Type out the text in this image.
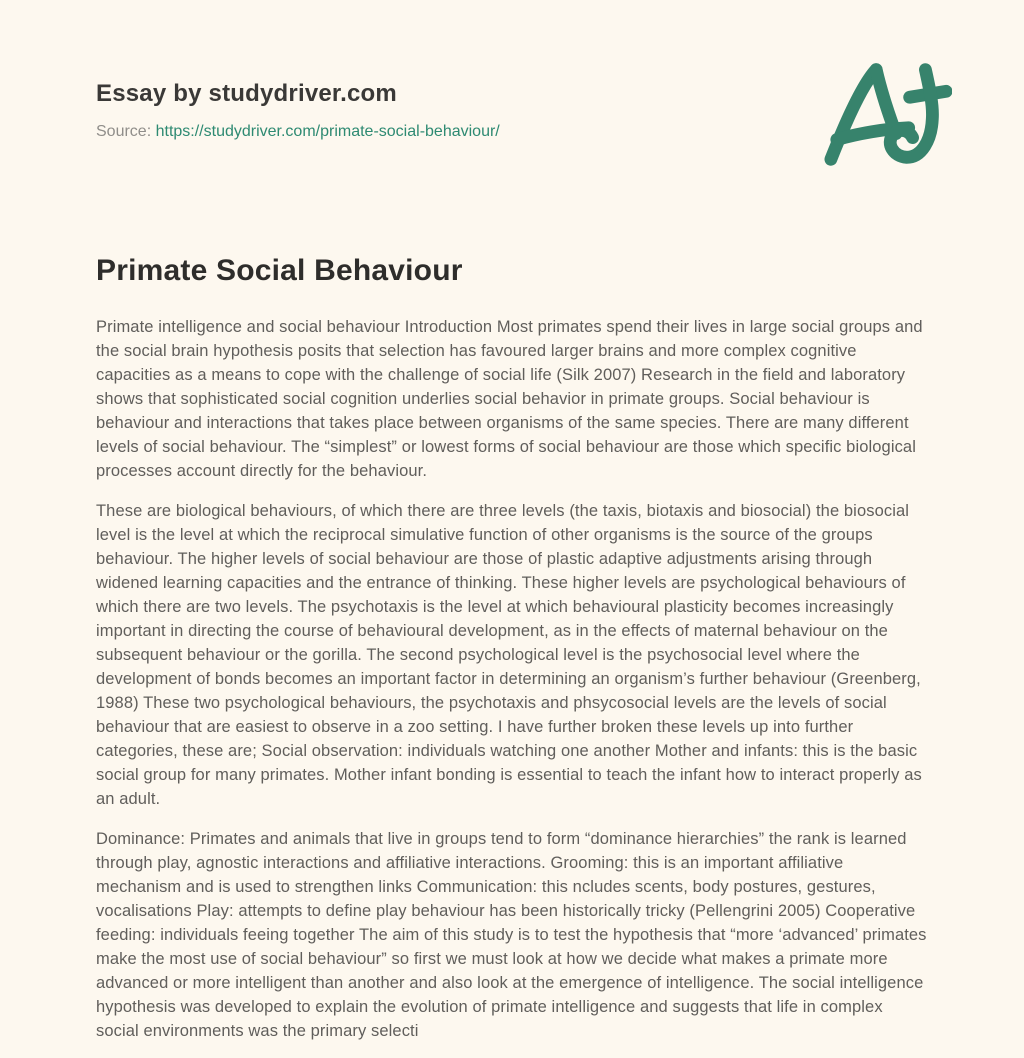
Essay by studydriver.com
Source: https://studydriver.com/primate-social-behaviour/
Primate Social Behaviour

Primate intelligence and social behaviour Introduction Most primates spend their lives in large social groups and the social brain hypothesis posits that selection has favoured larger brains and more complex cognitive capacities as a means to cope with the challenge of social life (Silk 2007) Research in the field and laboratory shows that sophisticated social cognition underlies social behavior in primate groups. Social behaviour is behaviour and interactions that takes place between organisms of the same species. There are many different levels of social behaviour. The “simplest” or lowest forms of social behaviour are those which specific biological processes account directly for the behaviour.

These are biological behaviours, of which there are three levels (the taxis, biotaxis and biosocial) the biosocial level is the level at which the reciprocal simulative function of other organisms is the source of the groups behaviour. The higher levels of social behaviour are those of plastic adaptive adjustments arising through widened learning capacities and the entrance of thinking. These higher levels are psychological behaviours of which there are two levels. The psychotaxis is the level at which behavioural plasticity becomes increasingly important in directing the course of behavioural development, as in the effects of maternal behaviour on the subsequent behaviour or the gorilla. The second psychological level is the psychosocial level where the development of bonds becomes an important factor in determining an organism’s further behaviour (Greenberg, 1988) These two psychological behaviours, the psychotaxis and phsycosocial levels are the levels of social behaviour that are easiest to observe in a zoo setting. I have further broken these levels up into further categories, these are; Social observation: individuals watching one another Mother and infants: this is the basic social group for many primates. Mother infant bonding is essential to teach the infant how to interact properly as an adult.

Dominance: Primates and animals that live in groups tend to form “dominance hierarchies” the rank is learned through play, agnostic interactions and affiliative interactions. Grooming: this is an important affiliative mechanism and is used to strengthen links Communication: this ncludes scents, body postures, gestures, vocalisations Play: attempts to define play behaviour has been historically tricky (Pellengrini 2005) Cooperative feeding: individuals feeing together The aim of this study is to test the hypothesis that “more ‘advanced’ primates make the most use of social behaviour” so first we must look at how we decide what makes a primate more advanced or more intelligent than another and also look at the emergence of intelligence. The social intelligence hypothesis was developed to explain the evolution of primate intelligence and suggests that life in complex social environments was the primary selecti
